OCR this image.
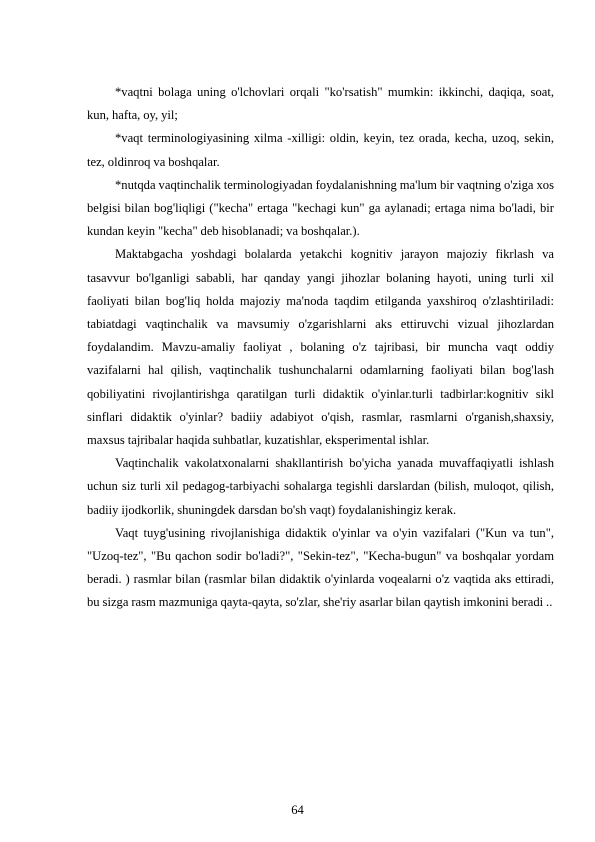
*vaqtni bolaga uning o'lchovlari orqali "ko'rsatish" mumkin: ikkinchi, daqiqa, soat, kun, hafta, oy, yil;

*vaqt terminologiyasining xilma -xilligi: oldin, keyin, tez orada, kecha, uzoq, sekin, tez, oldinroq va boshqalar.

*nutqda vaqtinchalik terminologiyadan foydalanishning ma'lum bir vaqtning o'ziga xos belgisi bilan bog'liqligi ("kecha" ertaga "kechagi kun" ga aylanadi; ertaga nima bo'ladi, bir kundan keyin "kecha" deb hisoblanadi; va boshqalar.).

Maktabgacha yoshdagi bolalarda yetakchi kognitiv jarayon majoziy fikrlash va tasavvur bo'lganligi sababli, har qanday yangi jihozlar bolaning hayoti, uning turli xil faoliyati bilan bog'liq holda majoziy ma'noda taqdim etilganda yaxshiroq o'zlashtiriladi: tabiatdagi vaqtinchalik va mavsumiy o'zgarishlarni aks ettiruvchi vizual jihozlardan foydalandim. Mavzu-amaliy faoliyat , bolaning o'z tajribasi, bir muncha vaqt oddiy vazifalarni hal qilish, vaqtinchalik tushunchalarni odamlarning faoliyati bilan bog'lash qobiliyatini rivojlantirishga qaratilgan turli didaktik o'yinlar.turli tadbirlar:kognitiv sikl sinflari didaktik o'yinlar? badiiy adabiyot o'qish, rasmlar, rasmlarni o'rganish,shaxsiy, maxsus tajribalar haqida suhbatlar, kuzatishlar, eksperimental ishlar.

Vaqtinchalik vakolatxonalarni shakllantirish bo'yicha yanada muvaffaqiyatli ishlash uchun siz turli xil pedagog-tarbiyachi sohalarga tegishli darslardan (bilish, muloqot, qilish, badiiy ijodkorlik, shuningdek darsdan bo'sh vaqt) foydalanishingiz kerak.

Vaqt tuyg'usining rivojlanishiga didaktik o'yinlar va o'yin vazifalari ("Kun va tun", "Uzoq-tez", "Bu qachon sodir bo'ladi?", "Sekin-tez", "Kecha-bugun" va boshqalar yordam beradi. ) rasmlar bilan (rasmlar bilan didaktik o'yinlarda voqealarni o'z vaqtida aks ettiradi, bu sizga rasm mazmuniga qayta-qayta, so'zlar, she'riy asarlar bilan qaytish imkonini beradi ..

64
